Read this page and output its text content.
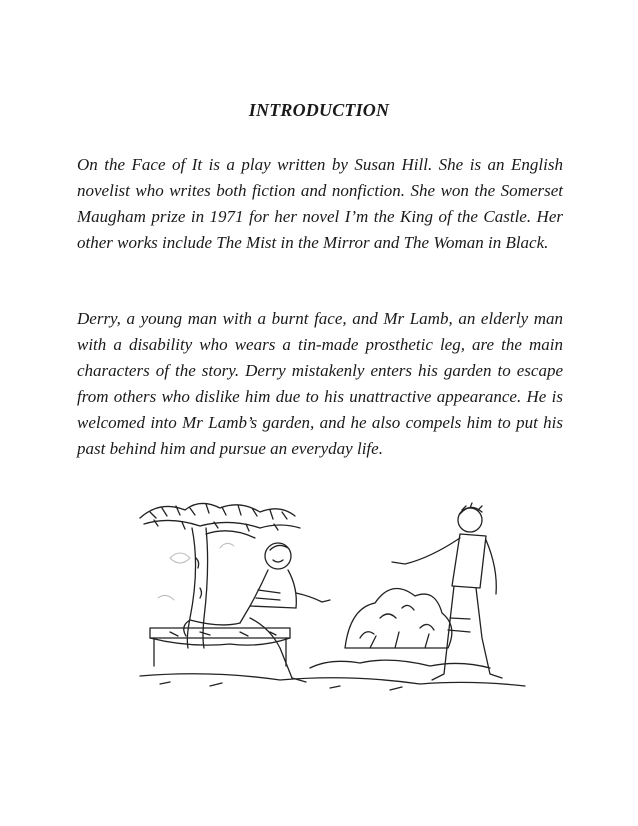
INTRODUCTION

On the Face of It is a play written by Susan Hill. She is an English novelist who writes both fiction and nonfiction. She won the Somerset Maugham prize in 1971 for her novel I’m the King of the Castle. Her other works include The Mist in the Mirror and The Woman in Black.

Derry, a young man with a burnt face, and Mr Lamb, an elderly man with a disability who wears a tin-made prosthetic leg, are the main characters of the story. Derry mistakenly enters his garden to escape from others who dislike him due to his unattractive appearance. He is welcomed into Mr Lamb’s garden, and he also compels him to put his past behind him and pursue an everyday life.
